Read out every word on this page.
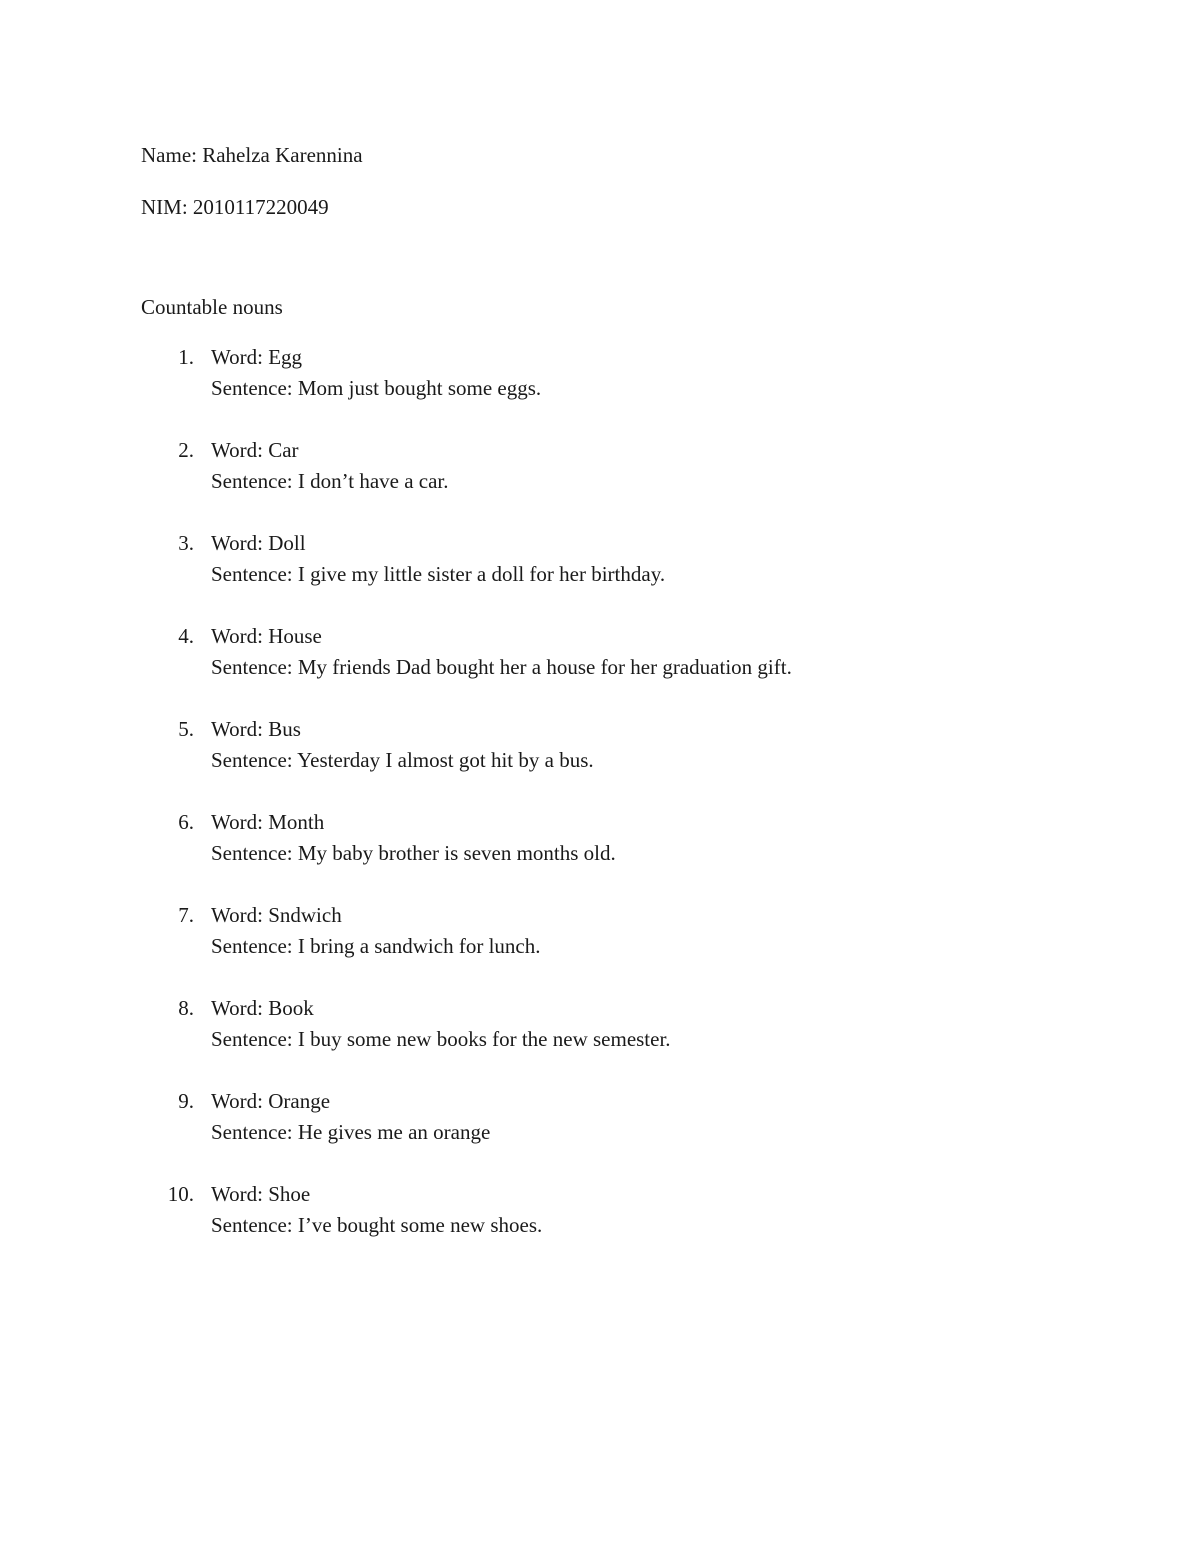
Name: Rahelza Karennina
NIM: 2010117220049
Countable nouns
1. Word: Egg
Sentence: Mom just bought some eggs.
2. Word: Car
Sentence: I don’t have a car.
3. Word: Doll
Sentence: I give my little sister a doll for her birthday.
4. Word: House
Sentence: My friends Dad bought her a house for her graduation gift.
5. Word: Bus
Sentence: Yesterday I almost got hit by a bus.
6. Word: Month
Sentence: My baby brother is seven months old.
7. Word: Sndwich
Sentence: I bring a sandwich for lunch.
8. Word: Book
Sentence: I buy some new books for the new semester.
9. Word: Orange
Sentence: He gives me an orange
10. Word: Shoe
Sentence: I’ve bought some new shoes.
